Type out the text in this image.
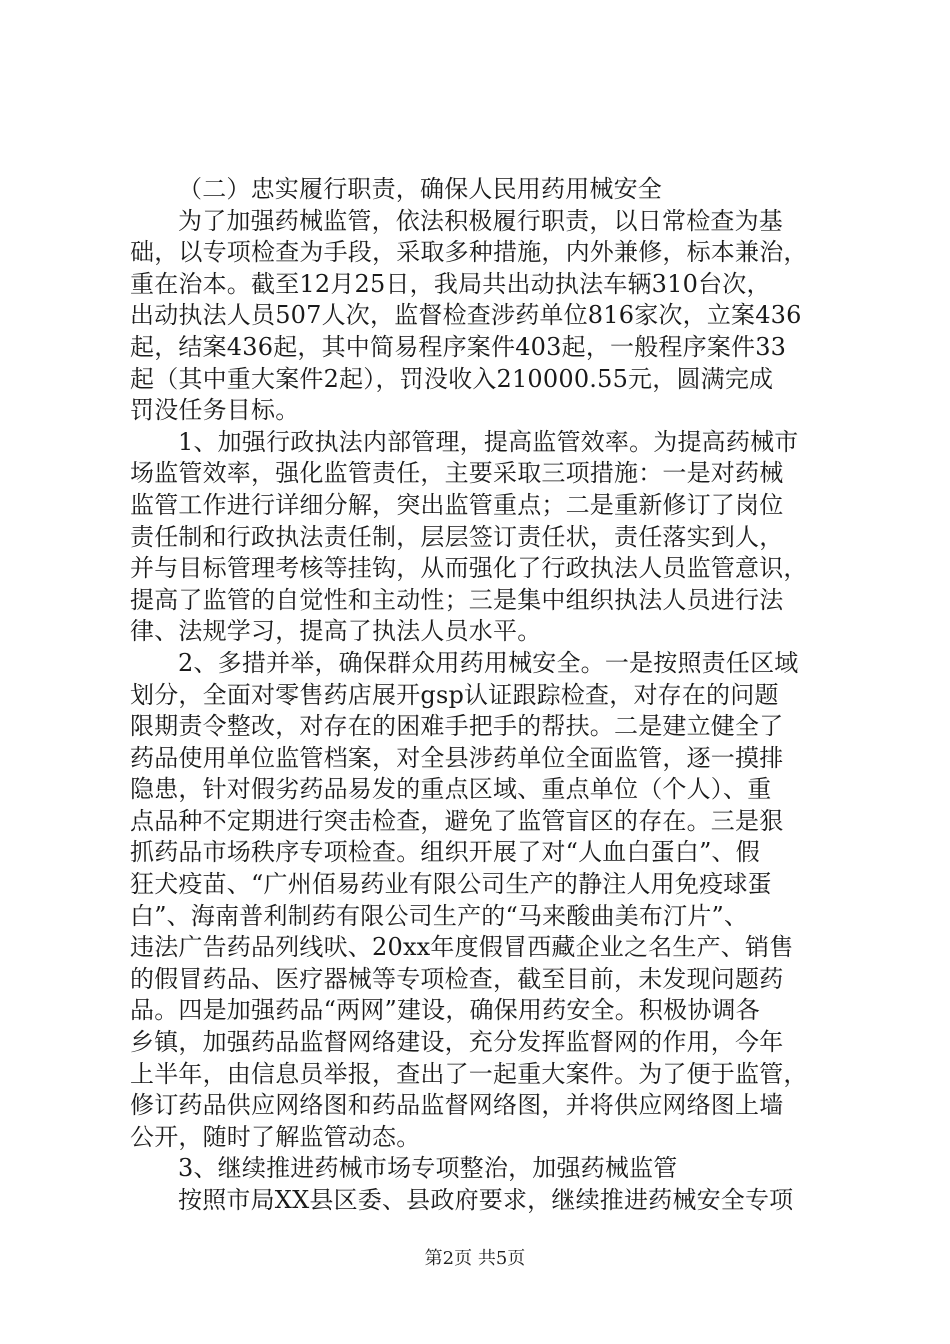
（二）忠实履行职责，确保人民用药用械安全
为了加强药械监管，依法积极履行职责，以日常检查为基
础，以专项检查为手段，采取多种措施，内外兼修，标本兼治，
重在治本。截至12月25日，我局共出动执法车辆310台次，
出动执法人员507人次，监督检查涉药单位816家次，立案436
起，结案436起，其中简易程序案件403起，一般程序案件33
起（其中重大案件2起），罚没收入210000.55元，圆满完成
罚没任务目标。
1、加强行政执法内部管理，提高监管效率。为提高药械市
场监管效率，强化监管责任，主要采取三项措施：一是对药械
监管工作进行详细分解，突出监管重点；二是重新修订了岗位
责任制和行政执法责任制，层层签订责任状，责任落实到人，
并与目标管理考核等挂钩，从而强化了行政执法人员监管意识，
提高了监管的自觉性和主动性；三是集中组织执法人员进行法
律、法规学习，提高了执法人员水平。
2、多措并举，确保群众用药用械安全。一是按照责任区域
划分，全面对零售药店展开gsp认证跟踪检查，对存在的问题
限期责令整改，对存在的困难手把手的帮扶。二是建立健全了
药品使用单位监管档案，对全县涉药单位全面监管，逐一摸排
隐患，针对假劣药品易发的重点区域、重点单位（个人）、重
点品种不定期进行突击检查，避免了监管盲区的存在。三是狠
抓药品市场秩序专项检查。组织开展了对“人血白蛋白”、假
狂犬疫苗、“广州佰易药业有限公司生产的静注人用免疫球蛋
白”、海南普利制药有限公司生产的“马来酸曲美布汀片”、
违法广告药品列线吠、20xx年度假冒西藏企业之名生产、销售
的假冒药品、医疗器械等专项检查，截至目前，未发现问题药
品。四是加强药品“两网”建设，确保用药安全。积极协调各
乡镇，加强药品监督网络建设，充分发挥监督网的作用，今年
上半年，由信息员举报，查出了一起重大案件。为了便于监管，
修订药品供应网络图和药品监督网络图，并将供应网络图上墙
公开，随时了解监管动态。
3、继续推进药械市场专项整治，加强药械监管
按照市局XX县区委、县政府要求，继续推进药械安全专项
第2页 共5页
